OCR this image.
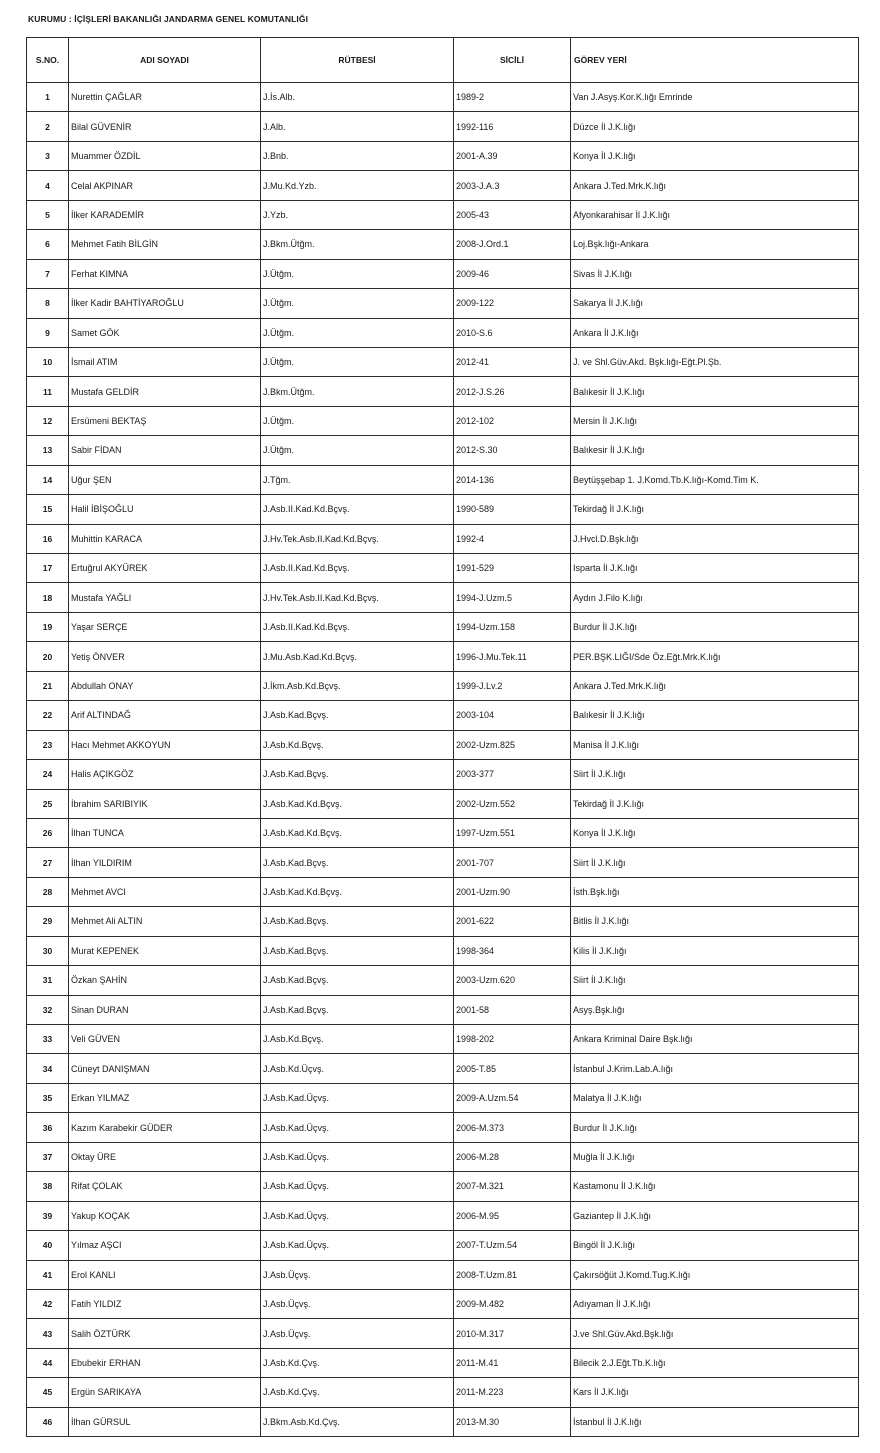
KURUMU : İÇİŞLERİ BAKANLIĞI JANDARMA GENEL KOMUTANLIĞI
S.NO.	ADI SOYADI	RÜTBESİ	SİCİLİ	GÖREV YERİ
1	Nurettin ÇAĞLAR	J.İs.Alb.	1989-2	Van J.Asyş.Kor.K.lığı Emrinde
2	Bilal GÜVENİR	J.Alb.	1992-116	Düzce İl J.K.lığı
3	Muammer ÖZDİL	J.Bnb.	2001-A.39	Konya İl J.K.lığı
4	Celal AKPINAR	J.Mu.Kd.Yzb.	2003-J.A.3	Ankara J.Ted.Mrk.K.lığı
5	İlker KARADEMİR	J.Yzb.	2005-43	Afyonkarahisar İl J.K.lığı
6	Mehmet Fatih BİLGİN	J.Bkm.Ütğm.	2008-J.Ord.1	Loj.Bşk.lığı-Ankara
7	Ferhat KIMNA	J.Ütğm.	2009-46	Sivas İl J.K.lığı
8	İlker Kadir BAHTİYAROĞLU	J.Ütğm.	2009-122	Sakarya İl J.K.lığı
9	Samet GÖK	J.Ütğm.	2010-S.6	Ankara İl J.K.lığı
10	İsmail ATIM	J.Ütğm.	2012-41	J. ve Shl.Güv.Akd. Bşk.lığı-Eğt.Pl.Şb.
11	Mustafa GELDİR	J.Bkm.Ütğm.	2012-J.S.26	Balıkesir İl J.K.lığı
12	Ersümeni BEKTAŞ	J.Ütğm.	2012-102	Mersin İl J.K.lığı
13	Sabir FİDAN	J.Ütğm.	2012-S.30	Balıkesir İl J.K.lığı
14	Uğur ŞEN	J.Tğm.	2014-136	Beytüşşebap 1. J.Komd.Tb.K.lığı-Komd.Tim K.
15	Halil İBİŞOĞLU	J.Asb.II.Kad.Kd.Bçvş.	1990-589	Tekirdağ İl J.K.lığı
16	Muhittin KARACA	J.Hv.Tek.Asb.II.Kad.Kd.Bçvş.	1992-4	J.Hvcl.D.Bşk.lığı
17	Ertuğrul AKYÜREK	J.Asb.II.Kad.Kd.Bçvş.	1991-529	Isparta İl J.K.lığı
18	Mustafa YAĞLI	J.Hv.Tek.Asb.II.Kad.Kd.Bçvş.	1994-J.Uzm.5	Aydın J.Filo K.lığı
19	Yaşar SERÇE	J.Asb.II.Kad.Kd.Bçvş.	1994-Uzm.158	Burdur İl J.K.lığı
20	Yetiş ÖNVER	J.Mu.Asb.Kad.Kd.Bçvş.	1996-J.Mu.Tek.11	PER.BŞK.LIĞI/Sde Öz.Eğt.Mrk.K.lığı
21	Abdullah ONAY	J.İkm.Asb.Kd.Bçvş.	1999-J.Lv.2	Ankara J.Ted.Mrk.K.lığı
22	Arif ALTINDAĞ	J.Asb.Kad.Bçvş.	2003-104	Balıkesir İl J.K.lığı
23	Hacı Mehmet AKKOYUN	J.Asb.Kd.Bçvş.	2002-Uzm.825	Manisa İl J.K.lığı
24	Halis AÇIKGÖZ	J.Asb.Kad.Bçvş.	2003-377	Siirt İl J.K.lığı
25	İbrahim SARIBIYIK	J.Asb.Kad.Kd.Bçvş.	2002-Uzm.552	Tekirdağ İl J.K.lığı
26	İlhan TUNCA	J.Asb.Kad.Kd.Bçvş.	1997-Uzm.551	Konya İl J.K.lığı
27	İlhan YILDIRIM	J.Asb.Kad.Bçvş.	2001-707	Siirt İl J.K.lığı
28	Mehmet AVCI	J.Asb.Kad.Kd.Bçvş.	2001-Uzm.90	İsth.Bşk.lığı
29	Mehmet Ali ALTIN	J.Asb.Kad.Bçvş.	2001-622	Bitlis İl J.K.lığı
30	Murat KEPENEK	J.Asb.Kad.Bçvş.	1998-364	Kilis İl J.K.lığı
31	Özkan ŞAHİN	J.Asb.Kad.Bçvş.	2003-Uzm.620	Siirt İl J.K.lığı
32	Sinan DURAN	J.Asb.Kad.Bçvş.	2001-58	Asyş.Bşk.lığı
33	Veli GÜVEN	J.Asb.Kd.Bçvş.	1998-202	Ankara Kriminal Daire Bşk.lığı
34	Cüneyt DANIŞMAN	J.Asb.Kd.Üçvş.	2005-T.85	İstanbul J.Krim.Lab.A.lığı
35	Erkan YILMAZ	J.Asb.Kad.Üçvş.	2009-A.Uzm.54	Malatya İl J.K.lığı
36	Kazım Karabekir GÜDER	J.Asb.Kad.Üçvş.	2006-M.373	Burdur İl J.K.lığı
37	Oktay ÜRE	J.Asb.Kad.Üçvş.	2006-M.28	Muğla İl J.K.lığı
38	Rifat ÇOLAK	J.Asb.Kad.Üçvş.	2007-M.321	Kastamonu İl J.K.lığı
39	Yakup KOÇAK	J.Asb.Kad.Üçvş.	2006-M.95	Gaziantep İl J.K.lığı
40	Yılmaz AŞCI	J.Asb.Kad.Üçvş.	2007-T.Uzm.54	Bingöl İl J.K.lığı
41	Erol KANLI	J.Asb.Üçvş.	2008-T.Uzm.81	Çakırsöğüt J.Komd.Tug.K.lığı
42	Fatih YILDIZ	J.Asb.Üçvş.	2009-M.482	Adıyaman İl J.K.lığı
43	Salih ÖZTÜRK	J.Asb.Üçvş.	2010-M.317	J.ve Shl.Güv.Akd.Bşk.lığı
44	Ebubekir ERHAN	J.Asb.Kd.Çvş.	2011-M.41	Bilecik 2.J.Eğt.Tb.K.lığı
45	Ergün SARIKAYA	J.Asb.Kd.Çvş.	2011-M.223	Kars İl J.K.lığı
46	İlhan GÜRSUL	J.Bkm.Asb.Kd.Çvş.	2013-M.30	İstanbul İl J.K.lığı
